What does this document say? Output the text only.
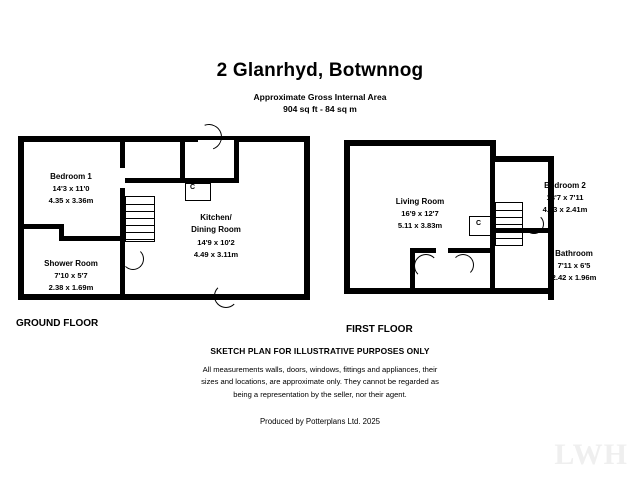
2 Glanrhyd, Botwnnog
Approximate Gross Internal Area
904 sq ft - 84 sq m
C
Bedroom 1
14'3 x 11'0
4.35 x 3.36m
Shower Room
7'10 x 5'7
2.38 x 1.69m
Kitchen/
Dining Room
14'9 x 10'2
4.49 x 3.11m
GROUND FLOOR
C
Living Room
16'9 x 12'7
5.11 x 3.83m
Bedroom 2
13'7 x 7'11
4.13 x 2.41m
Bathroom
7'11 x 6'5
2.42 x 1.96m
FIRST FLOOR
SKETCH PLAN FOR ILLUSTRATIVE PURPOSES ONLY
All measurements walls, doors, windows, fittings and appliances, their
sizes and locations, are approximate only. They cannot be regarded as
being a representation by the seller, nor their agent.
Produced by Potterplans Ltd. 2025
LWH
